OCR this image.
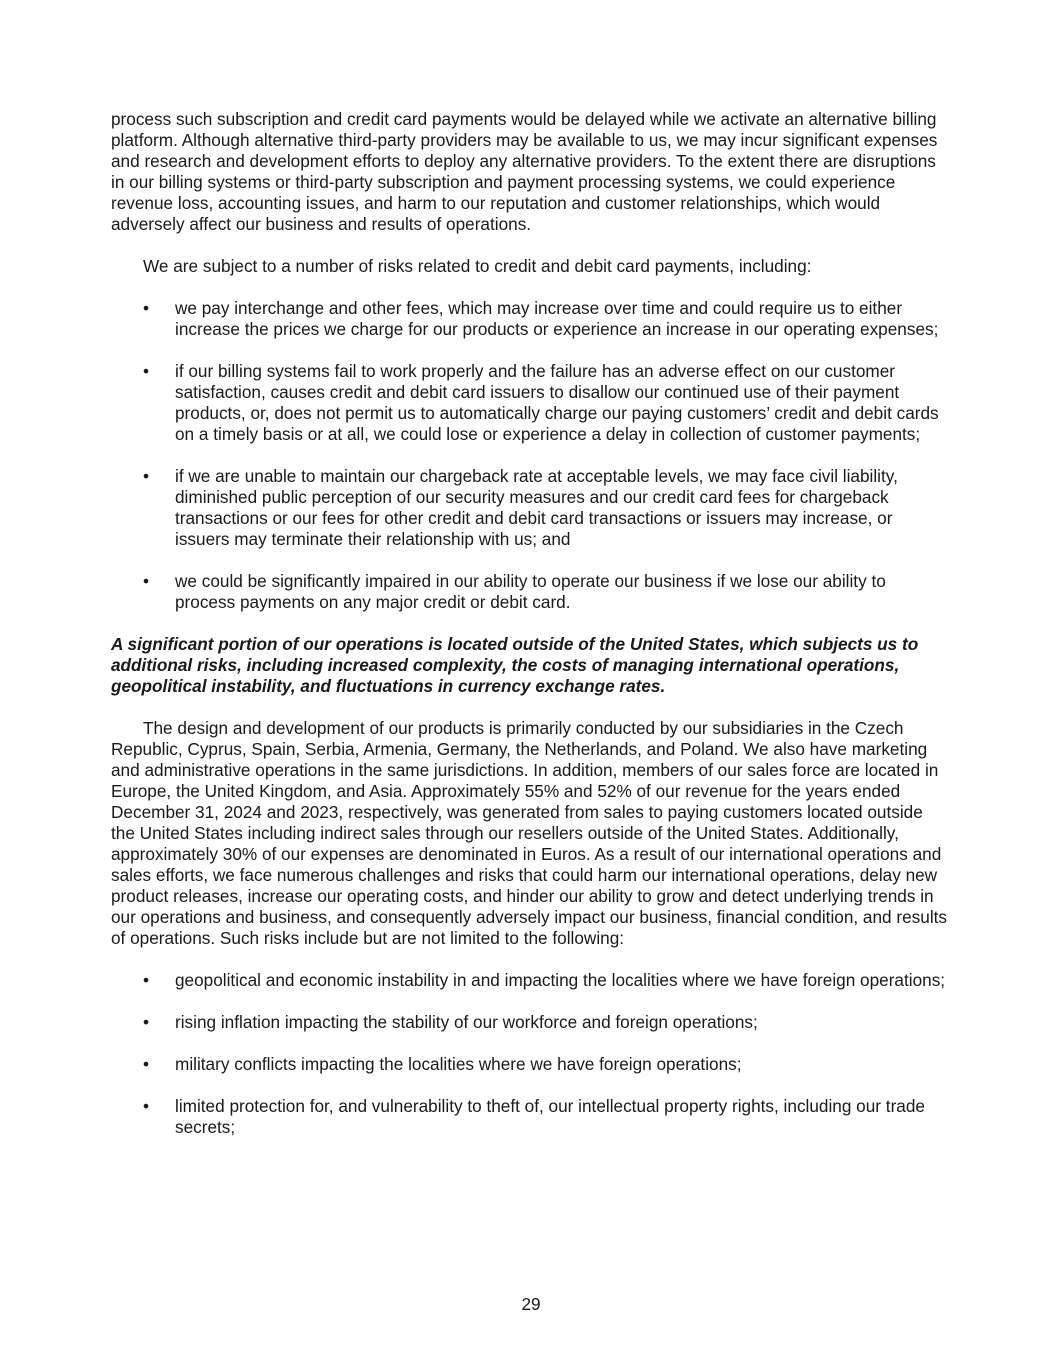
process such subscription and credit card payments would be delayed while we activate an alternative billing platform. Although alternative third-party providers may be available to us, we may incur significant expenses and research and development efforts to deploy any alternative providers. To the extent there are disruptions in our billing systems or third-party subscription and payment processing systems, we could experience revenue loss, accounting issues, and harm to our reputation and customer relationships, which would adversely affect our business and results of operations.

We are subject to a number of risks related to credit and debit card payments, including:

• we pay interchange and other fees, which may increase over time and could require us to either increase the prices we charge for our products or experience an increase in our operating expenses;
• if our billing systems fail to work properly and the failure has an adverse effect on our customer satisfaction, causes credit and debit card issuers to disallow our continued use of their payment products, or, does not permit us to automatically charge our paying customers’ credit and debit cards on a timely basis or at all, we could lose or experience a delay in collection of customer payments;
• if we are unable to maintain our chargeback rate at acceptable levels, we may face civil liability, diminished public perception of our security measures and our credit card fees for chargeback transactions or our fees for other credit and debit card transactions or issuers may increase, or issuers may terminate their relationship with us; and
• we could be significantly impaired in our ability to operate our business if we lose our ability to process payments on any major credit or debit card.

A significant portion of our operations is located outside of the United States, which subjects us to additional risks, including increased complexity, the costs of managing international operations, geopolitical instability, and fluctuations in currency exchange rates.

The design and development of our products is primarily conducted by our subsidiaries in the Czech Republic, Cyprus, Spain, Serbia, Armenia, Germany, the Netherlands, and Poland. We also have marketing and administrative operations in the same jurisdictions. In addition, members of our sales force are located in Europe, the United Kingdom, and Asia. Approximately 55% and 52% of our revenue for the years ended December 31, 2024 and 2023, respectively, was generated from sales to paying customers located outside the United States including indirect sales through our resellers outside of the United States. Additionally, approximately 30% of our expenses are denominated in Euros. As a result of our international operations and sales efforts, we face numerous challenges and risks that could harm our international operations, delay new product releases, increase our operating costs, and hinder our ability to grow and detect underlying trends in our operations and business, and consequently adversely impact our business, financial condition, and results of operations. Such risks include but are not limited to the following:

• geopolitical and economic instability in and impacting the localities where we have foreign operations;
• rising inflation impacting the stability of our workforce and foreign operations;
• military conflicts impacting the localities where we have foreign operations;
• limited protection for, and vulnerability to theft of, our intellectual property rights, including our trade secrets;
29
